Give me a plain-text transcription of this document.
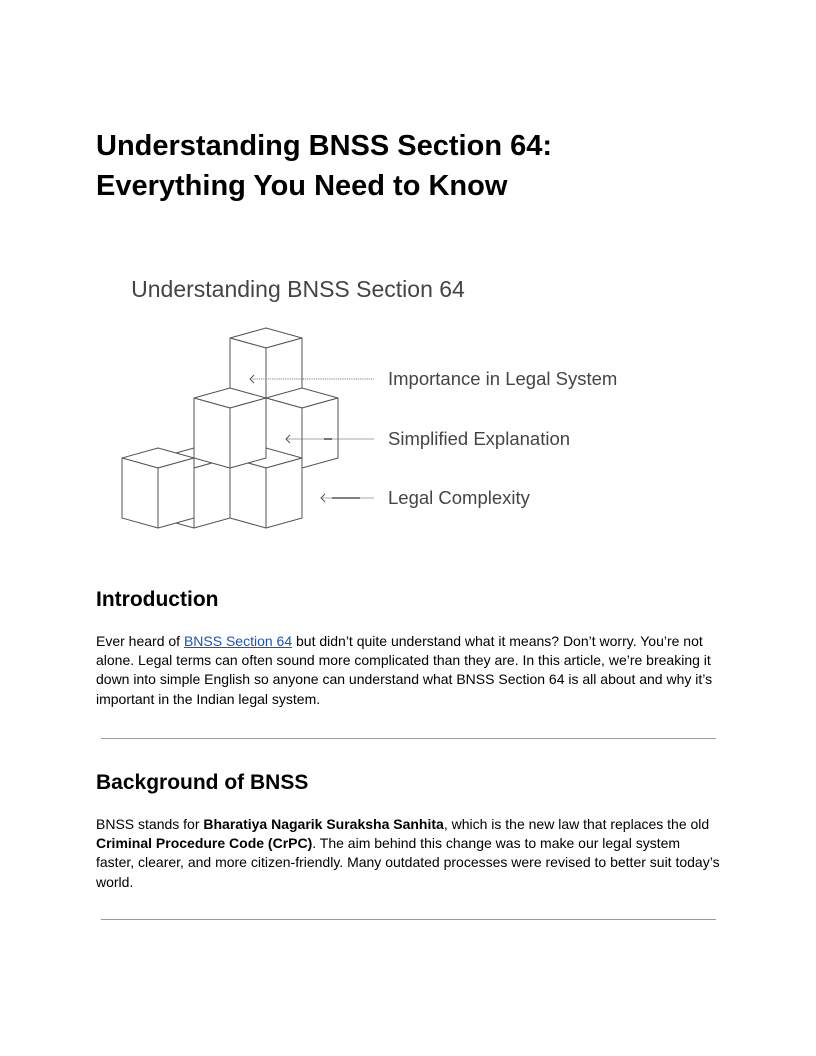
Understanding BNSS Section 64:
Everything You Need to Know
Understanding BNSS Section 64
Importance in Legal System
Simplified Explanation
Legal Complexity
Introduction

Ever heard of BNSS Section 64 but didn’t quite understand what it means? Don’t worry. You’re not alone. Legal terms can often sound more complicated than they are. In this article, we’re breaking it down into simple English so anyone can understand what BNSS Section 64 is all about and why it’s important in the Indian legal system.

Background of BNSS

BNSS stands for Bharatiya Nagarik Suraksha Sanhita, which is the new law that replaces the old Criminal Procedure Code (CrPC). The aim behind this change was to make our legal system faster, clearer, and more citizen-friendly. Many outdated processes were revised to better suit today’s world.
